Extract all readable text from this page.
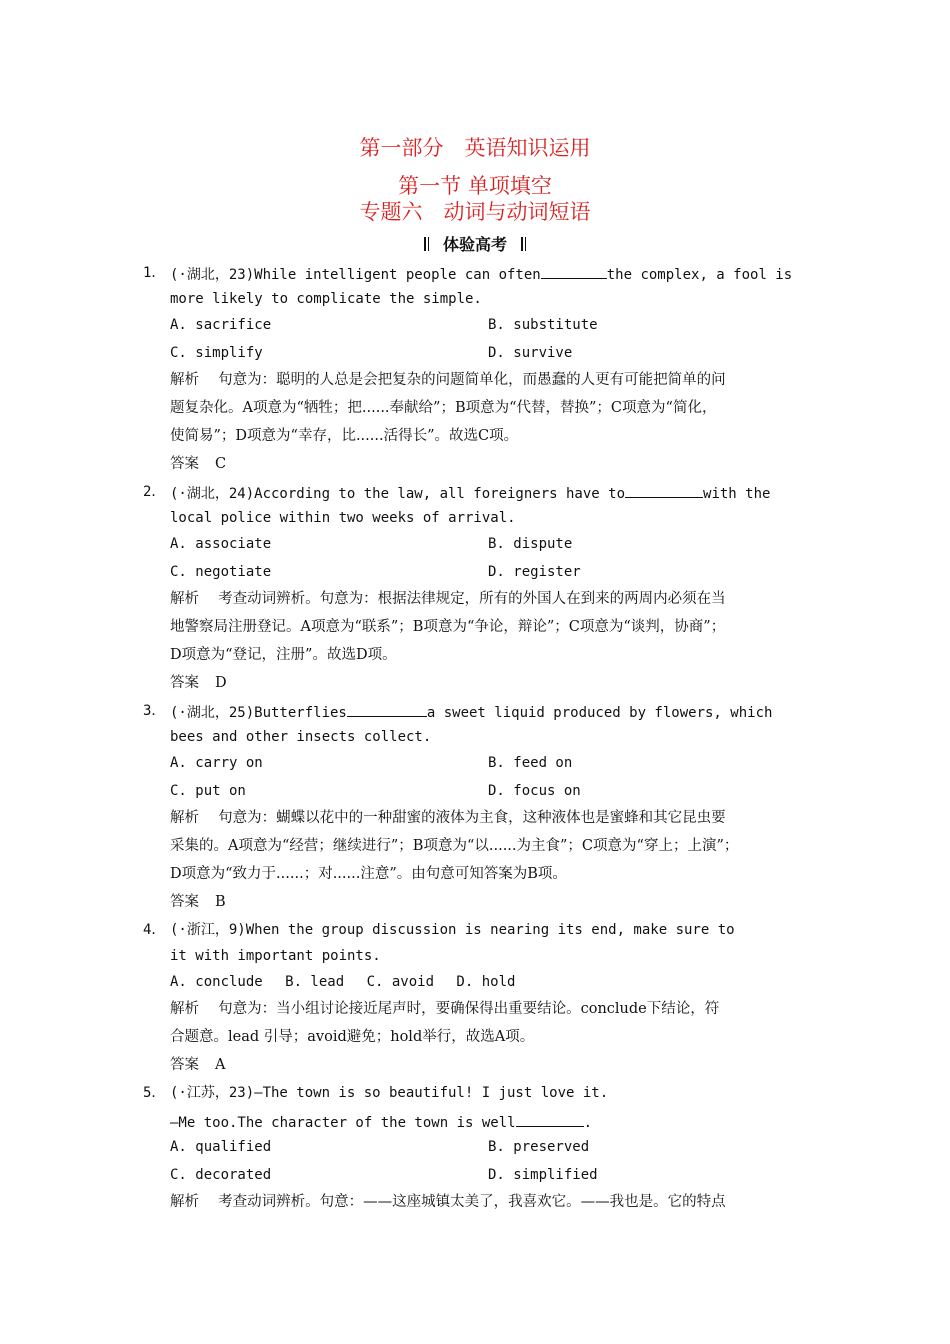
第一部分　英语知识运用
第一节 单项填空
专题六　动词与动词短语
体验高考
1． (·湖北，23)While intelligent people can often	the complex, a fool is
more likely to complicate the simple.
A. sacrifice	B. substitute
C. simplify	D. survive
解析　 句意为：聪明的人总是会把复杂的问题简单化，而愚蠢的人更有可能把简单的问
题复杂化。A项意为“牺牲；把......奉献给”；B项意为“代替，替换”；C项意为“简化，
使简易”；D项意为“幸存，比......活得长”。故选C项。
答案 C
2． (·湖北，24)According to the law, all foreigners have to	with the
local police within two weeks of arrival.
A. associate	B. dispute
C. negotiate	D. register
解析　 考查动词辨析。句意为：根据法律规定，所有的外国人在到来的两周内必须在当
地警察局注册登记。A项意为“联系”；B项意为“争论，辩论”；C项意为“谈判，协商”；
D项意为“登记，注册”。故选D项。
答案 D
3． (·湖北，25)Butterflies	a sweet liquid produced by flowers, which
bees and other insects collect.
A. carry on	B. feed on
C. put on	D. focus on
解析　 句意为：蝴蝶以花中的一种甜蜜的液体为主食，这种液体也是蜜蜂和其它昆虫要
采集的。A项意为“经营；继续进行”；B项意为“以......为主食”；C项意为“穿上；上演”；
D项意为“致力于......；对......注意”。由句意可知答案为B项。
答案 B
4． (·浙江，9)When the group discussion is nearing its end, make sure to
it with important points.
A. conclude　 B. lead　 C. avoid　 D. hold
解析　 句意为：当小组讨论接近尾声时，要确保得出重要结论。conclude下结论，符
合题意。lead 引导；avoid避免；hold举行，故选A项。
答案 A
5． (·江苏，23)—The town is so beautiful! I just love it.
—Me too.The character of the town is well	.
A. qualified	B. preserved
C. decorated	D. simplified
解析　 考查动词辨析。句意：——这座城镇太美了，我喜欢它。——我也是。它的特点
